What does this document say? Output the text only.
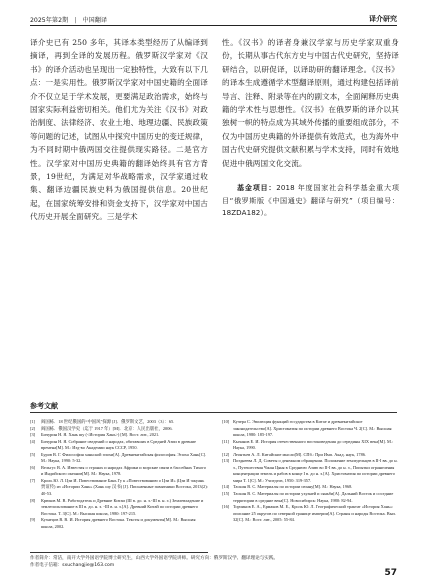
2025年第2期 | 中国翻译	译介研究

译介史已有 250 多年，其译本类型经历了从编译到摘译，再到全译的发展历程。俄罗斯汉学家对《汉书》的译介活动也呈现出一定独特性，大致有以下几点：一是实用性。俄罗斯汉学家对中国史籍的全面译介不仅立足于学术发展，更要满足政治需求，始终与国家实际利益密切相关。他们尤为关注《汉书》对政治制度、法律经济、农业土地、地理边疆、民族政策等问题的记述，试图从中探究中国历史的变迁规律，为不同时期中俄两国交往提供现实路径。二是官方性。汉学家对中国历史典籍的翻译始终具有官方背景，19世纪，为满足对华战略需求，汉学家通过收集、翻译边疆民族史料为俄国提供信息。20世纪起，在国家统筹安排和资金支持下，汉学家对中国古代历史开展全面研究。三是学术

性。《汉书》的译者身兼汉学家与历史学家双重身份，长期从事古代东方史与中国古代史研究，坚持译研结合，以研促译，以译助研的翻译理念。《汉书》的译本生成遵循学术型翻译原则，通过构建包括译前导言、注释、附录等在内的副文本，全面阐释历史典籍的学术性与思想性。《汉书》在俄罗斯的译介以其独树一帜的特点成为其域外传播的重要组成部分，不仅为中国历史典籍的外译提供有效范式，也为海外中国古代史研究提供文献积累与学术支持，同时有效地促进中俄两国文化交流。

基金项目：2018 年度国家社会科学基金重大项目“俄罗斯版《中国通史》翻译与研究”（项目编号：18ZDA182）。

参考文献
[1]	阎国栋．18 世纪俄国的“中国风”探源 [J]．俄罗斯文艺，2003（3）：65.
[2]	阎国栋．俄国汉学史（迄于 1917 年）[M]．北京：人民出版社，2006.
[3]	Бичурин Н. Я. Хань шу (<История Хань>) [M]. Вост. лит., 2021.
[4]	Бичурин Н. Я. Собрание сведений о народах, обитавших в Средней Азии в древние времена[M]. М.: Изд-во Академии наук СССР, 1950.
[5]	Буров В. Г. Философия ханьской эпохи[A]. Древнекитайская философия. Эпоха Хань[C]. М.: Наука, 1990: 5-32.
[6]	Вельгус В. А. Известия о странах и народах Африки и морские связи в бассейнах Тихого и Индийского океанов[M]. М.: Наука, 1978.
[7]	Кроль Ю. Л. Цзи И. Повествование Бань Гу к «Повествованию о Цзи И» (Цзи И чжуань 贾谊传) из «Истории Хань» (Хань шу 汉书) [J]. Письменные памятники Востока, 2013(2): 40-53.
[8]	Крюков М. В. Работодатель и Древние Китаи (III в. до. н. э.-III в. н. э.) Землевладение и землепользование в III в. до. н. э. -III в. н. э.[A]. Древний Китай по истории древнего Востока. Т. 3[C]. М.: Высшая школа, 1980: 197-215.
[9]	Кузнецов В. В. И. История древнего Востока. Тексты и документы[M]. М.: Высшая школа, 2002.
[10] Кучера С. Эволюция функций государства в Китае и древнекитайское законодательство[A]. Христоматия по истории древнего Востока Ч. 2[C]. М.: Высшая школа, 1980: 185-197.
[11] Кычанов Е. И. История отечественного востоковедения до середины XIX века[M]. М.: Наука, 1990.
[12] Леонтьев А. Л. Китайские мысли[M]. СПб.: При Имп. Акад. наук, 1786.
[13] Позднеева Л. Д. Советы о денежном обращении. Положение земледельцев в II-I вв. до н. э., Путешествия Чжан Цяня в Среднюю Азию во II-I вв. до н. э., Попытки ограничения концентрации земель и рабов в конце I в. до н. э.[A]. Христоматия по истории древнего мира Т. 1[C]. М.: Учпедгиз, 1950: 319-357.
[14] Таскин В. С. Материалы по истории сюнну[M]. М.: Наука, 1968.
[15] Таскин В. С. Материалы по истории ухуаней и сяньби[A]. Дальний Восток и соседние территории в средние века[C]. Новосибирск: Наука, 1980: 82-94.
[16] Торчинов Е. А., Ермаков М. Е., Кроль Ю. Л. Географический трактат «История Хань»: описание 25 округов по северной границе империи[A]. Страны и народы Востока. Вып. 32[C]. М.: Вост. лит., 2005: 55-84.
作者简介：常洁，南开大学外国语学院博士研究生，山西大学外国语学院讲师。研究方向：俄罗斯汉学、翻译理论与实践。
作者电子信箱：sxuchangjie@163.com
57
